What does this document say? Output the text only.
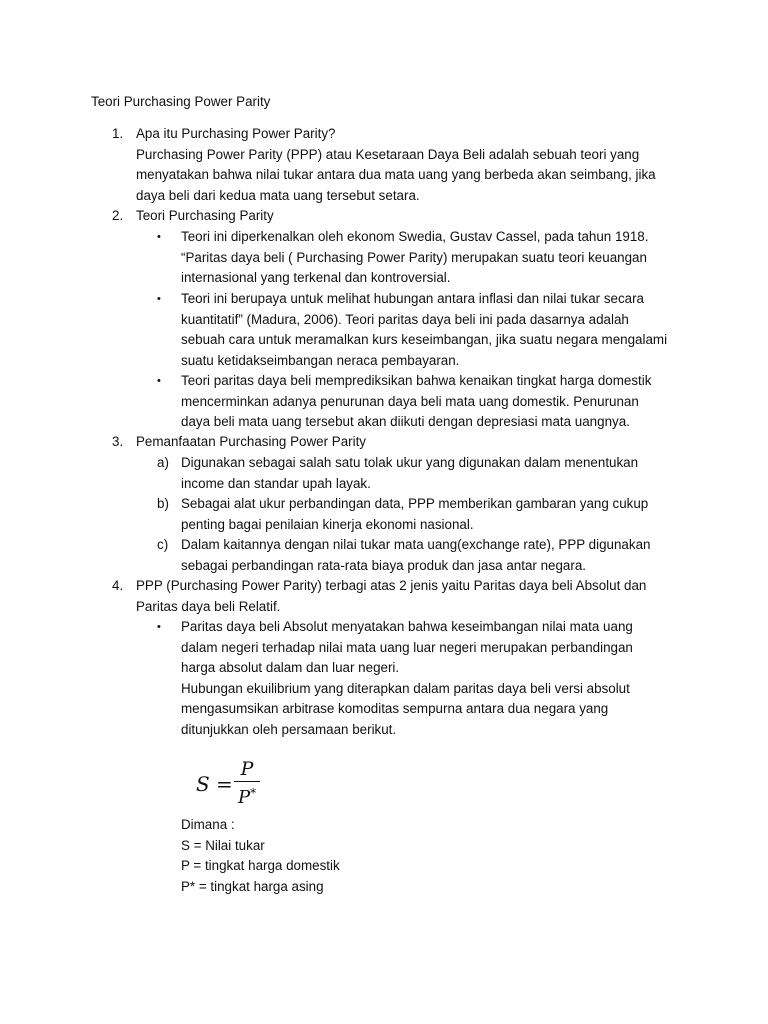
Teori Purchasing Power Parity
1. Apa itu Purchasing Power Parity?
Purchasing Power Parity (PPP) atau Kesetaraan Daya Beli adalah sebuah teori yang
menyatakan bahwa nilai tukar antara dua mata uang yang berbeda akan seimbang, jika
daya beli dari kedua mata uang tersebut setara.
2. Teori Purchasing Parity
• Teori ini diperkenalkan oleh ekonom Swedia, Gustav Cassel, pada tahun 1918.
“Paritas daya beli ( Purchasing Power Parity) merupakan suatu teori keuangan
internasional yang terkenal dan kontroversial.
• Teori ini berupaya untuk melihat hubungan antara inflasi dan nilai tukar secara
kuantitatif” (Madura, 2006). Teori paritas daya beli ini pada dasarnya adalah
sebuah cara untuk meramalkan kurs keseimbangan, jika suatu negara mengalami
suatu ketidakseimbangan neraca pembayaran.
• Teori paritas daya beli memprediksikan bahwa kenaikan tingkat harga domestik
mencerminkan adanya penurunan daya beli mata uang domestik. Penurunan
daya beli mata uang tersebut akan diikuti dengan depresiasi mata uangnya.
3. Pemanfaatan Purchasing Power Parity
a) Digunakan sebagai salah satu tolak ukur yang digunakan dalam menentukan
income dan standar upah layak.
b) Sebagai alat ukur perbandingan data, PPP memberikan gambaran yang cukup
penting bagai penilaian kinerja ekonomi nasional.
c) Dalam kaitannya dengan nilai tukar mata uang(exchange rate), PPP digunakan
sebagai perbandingan rata-rata biaya produk dan jasa antar negara.
4. PPP (Purchasing Power Parity) terbagi atas 2 jenis yaitu Paritas daya beli Absolut dan
Paritas daya beli Relatif.
• Paritas daya beli Absolut menyatakan bahwa keseimbangan nilai mata uang
dalam negeri terhadap nilai mata uang luar negeri merupakan perbandingan
harga absolut dalam dan luar negeri.
Hubungan ekuilibrium yang diterapkan dalam paritas daya beli versi absolut
mengasumsikan arbitrase komoditas sempurna antara dua negara yang
ditunjukkan oleh persamaan berikut.
S =
P
P*
Dimana :
S = Nilai tukar
P = tingkat harga domestik
P* = tingkat harga asing
